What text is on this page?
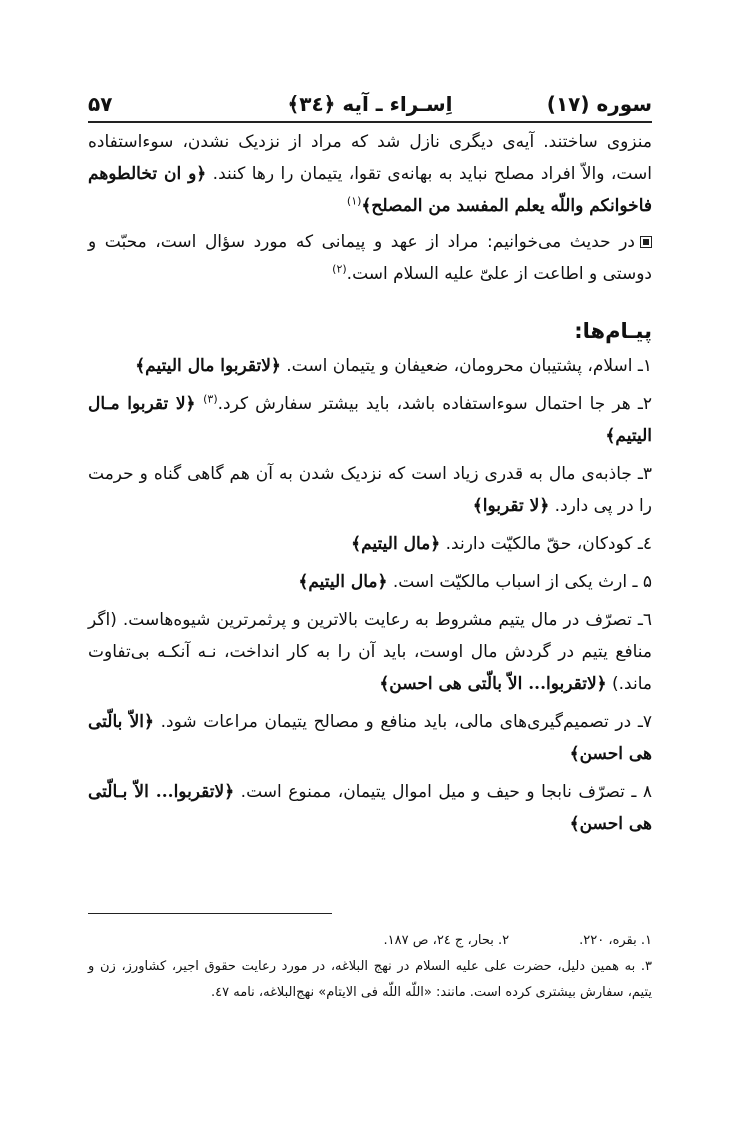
سوره (۱۷)
اِسـراء ـ آیه ﴿۳٤﴾
۵۷

منزوی ساختند. آیه‌ی دیگری نازل شد که مراد از نزدیک نشدن، سوءاستفاده است، والاّ افراد مصلح نباید به بهانه‌ی تقوا، یتیمان را رها کنند. ﴿و ان تخالطوهم فاخوانکم واللّه یعلم المفسد من المصلح﴾$^{(۱)}$

در حدیث می‌خوانیم: مراد از عهد و پیمانی که مورد سؤال است، محبّت و دوستی و اطاعت از علیّ عليه السلام است.$^{(۲)}$

پیـام‌ها:

۱ـ اسلام، پشتیبان محرومان، ضعیفان و یتیمان است. ﴿لاتقربوا مال الیتیم﴾

۲ـ هر جا احتمال سوءاستفاده باشد، باید بیشتر سفارش کرد.$^{(۳)}$ ﴿لا تقربوا مـال الیتیم﴾

۳ـ جاذبه‌ی مال به قدری زیاد است که نزدیک شدن به آن هم گاهی گناه و حرمت را در پی دارد. ﴿لا تقربوا﴾

٤ـ کودکان، حقّ مالکیّت دارند. ﴿مال الیتیم﴾

۵ ـ ارث یکی از اسباب مالکیّت است. ﴿مال الیتیم﴾

٦ـ تصرّف در مال یتیم مشروط به رعایت بالاترین و پرثمرترین شیوه‌هاست. (اگر منافع یتیم در گردش مال اوست، باید آن را به کار انداخت، نـه آنکـه بی‌تفاوت ماند.) ﴿لاتقربوا... الاّ بالّتی هی احسن﴾

۷ـ در تصمیم‌گیری‌های مالی، باید منافع و مصالح یتیمان مراعات شود. ﴿الاّ بالّتی هی احسن﴾

۸ ـ تصرّف نابجا و حیف و میل اموال یتیمان، ممنوع است. ﴿لاتقربوا... الاّ بـالّتی هی احسن﴾

۱. بقره، ۲۲۰.۲. بحار، ج ٢٤، ص ۱۸۷.
۳. به همین دلیل، حضرت علی عليه السلام در نهج البلاغه، در مورد رعایت حقوق اجیر، کشاورز، زن و یتیم، سفارش بیشتری کرده است. مانند: «اللّه اللّه فی الایتام» نهج‌البلاغه، نامه ٤۷.
